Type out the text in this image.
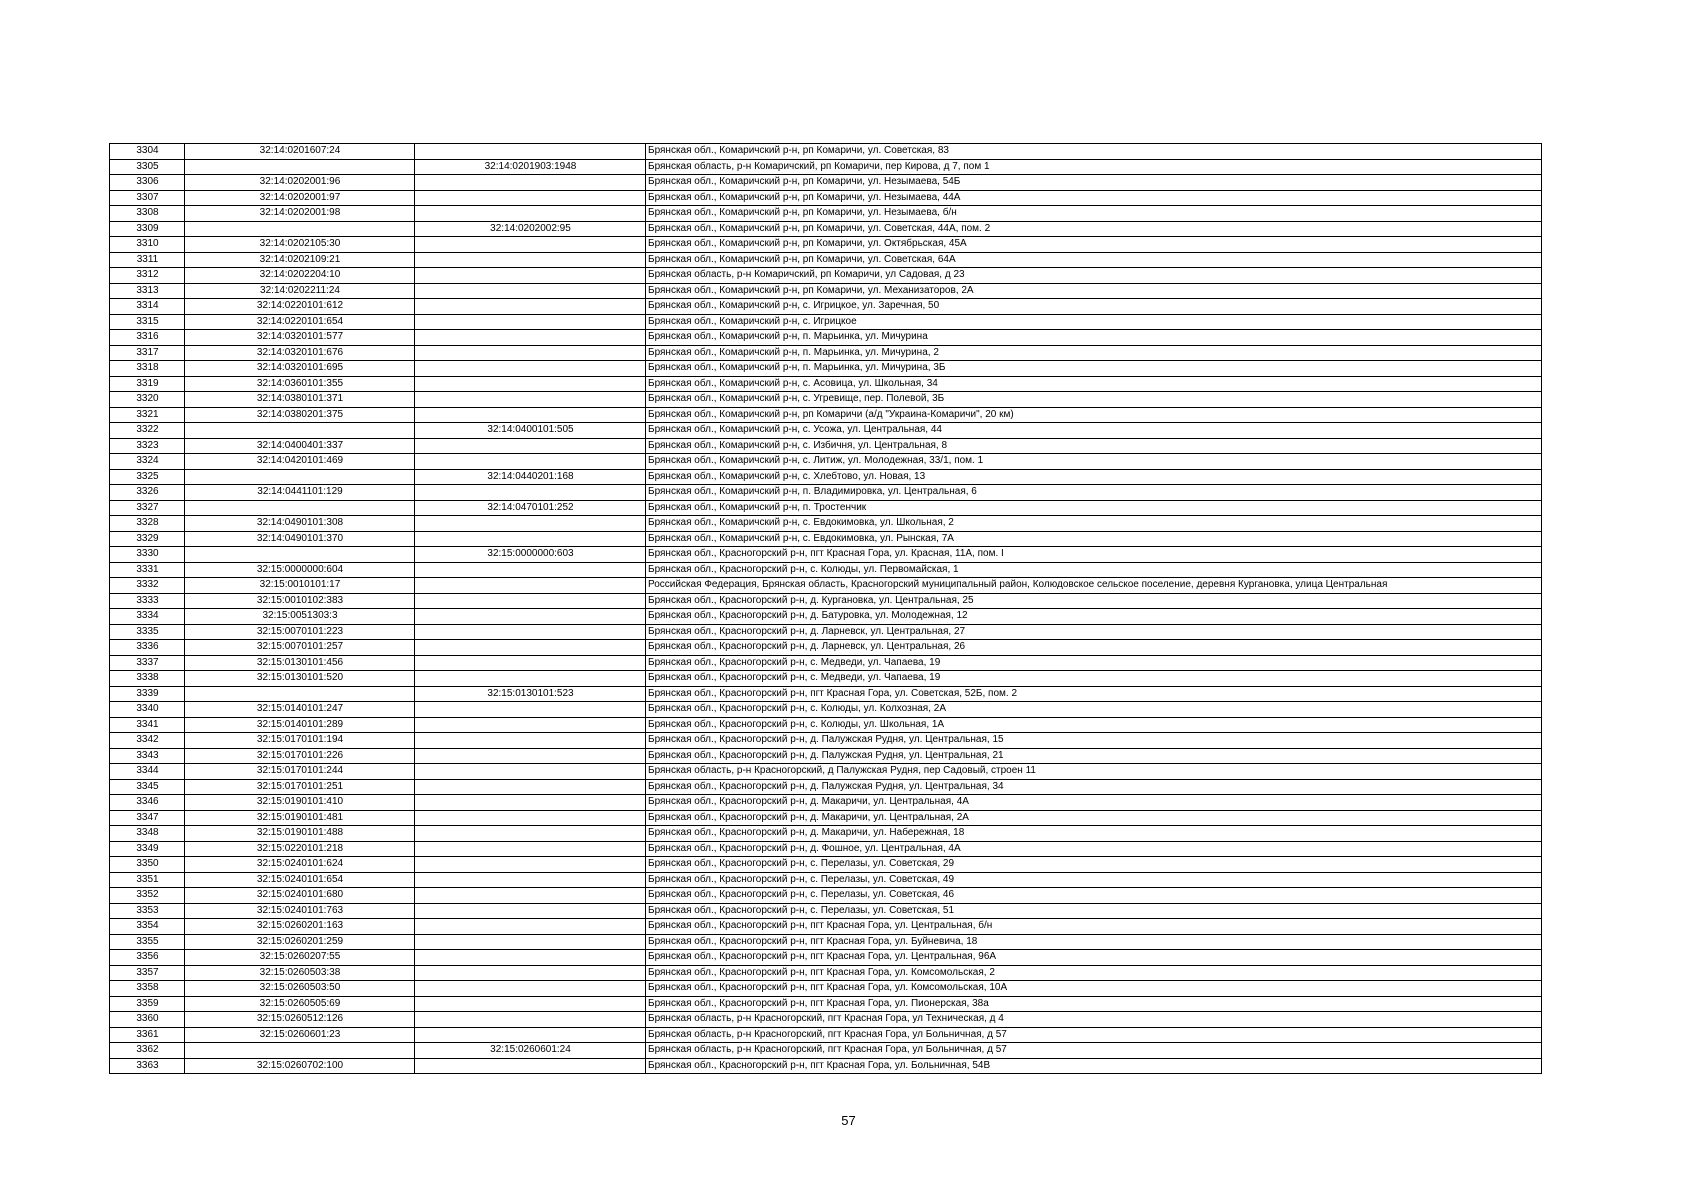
3304	32:14:0201607:24		Брянская обл., Комаричский р-н, рп Комаричи, ул. Советская, 83
3305		32:14:0201903:1948	Брянская область, р-н Комаричский, рп Комаричи, пер Кирова, д 7, пом 1
3306	32:14:0202001:96		Брянская обл., Комаричский р-н, рп Комаричи, ул. Незымаева, 54Б
3307	32:14:0202001:97		Брянская обл., Комаричский р-н, рп Комаричи, ул. Незымаева, 44А
3308	32:14:0202001:98		Брянская обл., Комаричский р-н, рп Комаричи, ул. Незымаева, б/н
3309		32:14:0202002:95	Брянская обл., Комаричский р-н, рп Комаричи, ул. Советская, 44А, пом. 2
3310	32:14:0202105:30		Брянская обл., Комаричский р-н, рп Комаричи, ул. Октябрьская, 45А
3311	32:14:0202109:21		Брянская обл., Комаричский р-н, рп Комаричи, ул. Советская, 64А
3312	32:14:0202204:10		Брянская область, р-н Комаричский, рп Комаричи, ул Садовая, д 23
3313	32:14:0202211:24		Брянская обл., Комаричский р-н, рп Комаричи, ул. Механизаторов, 2А
3314	32:14:0220101:612		Брянская обл., Комаричский р-н, с. Игрицкое, ул. Заречная, 50
3315	32:14:0220101:654		Брянская обл., Комаричский р-н, с. Игрицкое
3316	32:14:0320101:577		Брянская обл., Комаричский р-н, п. Марьинка, ул. Мичурина
3317	32:14:0320101:676		Брянская обл., Комаричский р-н, п. Марьинка, ул. Мичурина, 2
3318	32:14:0320101:695		Брянская обл., Комаричский р-н, п. Марьинка, ул. Мичурина, 3Б
3319	32:14:0360101:355		Брянская обл., Комаричский р-н, с. Асовица, ул. Школьная, 34
3320	32:14:0380101:371		Брянская обл., Комаричский р-н, с. Угревище, пер. Полевой, 3Б
3321	32:14:0380201:375		Брянская обл., Комаричский р-н, рп Комаричи (а/д "Украина-Комаричи", 20 км)
3322		32:14:0400101:505	Брянская обл., Комаричский р-н, с. Усожа, ул. Центральная, 44
3323	32:14:0400401:337		Брянская обл., Комаричский р-н, с. Избичня, ул. Центральная, 8
3324	32:14:0420101:469		Брянская обл., Комаричский р-н, с. Литиж, ул. Молодежная, 33/1, пом. 1
3325		32:14:0440201:168	Брянская обл., Комаричский р-н, с. Хлебтово, ул. Новая, 13
3326	32:14:0441101:129		Брянская обл., Комаричский р-н, п. Владимировка, ул. Центральная, 6
3327		32:14:0470101:252	Брянская обл., Комаричский р-н, п. Тростенчик
3328	32:14:0490101:308		Брянская обл., Комаричский р-н, с. Евдокимовка, ул. Школьная, 2
3329	32:14:0490101:370		Брянская обл., Комаричский р-н, с. Евдокимовка, ул. Рынская, 7А
3330		32:15:0000000:603	Брянская обл., Красногорский р-н, пгт Красная Гора, ул. Красная, 11А, пом. I
3331	32:15:0000000:604		Брянская обл., Красногорский р-н, с. Колюды, ул. Первомайская, 1
3332	32:15:0010101:17		Российская Федерация, Брянская область, Красногорский муниципальный район, Колюдовское сельское поселение, деревня Кургановка, улица Центральная
3333	32:15:0010102:383		Брянская обл., Красногорский р-н, д. Кургановка, ул. Центральная, 25
3334	32:15:0051303:3		Брянская обл., Красногорский р-н, д. Батуровка, ул. Молодежная, 12
3335	32:15:0070101:223		Брянская обл., Красногорский р-н, д. Ларневск, ул. Центральная, 27
3336	32:15:0070101:257		Брянская обл., Красногорский р-н, д. Ларневск, ул. Центральная, 26
3337	32:15:0130101:456		Брянская обл., Красногорский р-н, с. Медведи, ул. Чапаева, 19
3338	32:15:0130101:520		Брянская обл., Красногорский р-н, с. Медведи, ул. Чапаева, 19
3339		32:15:0130101:523	Брянская обл., Красногорский р-н, пгт Красная Гора, ул. Советская, 52Б, пом. 2
3340	32:15:0140101:247		Брянская обл., Красногорский р-н, с. Колюды, ул. Колхозная, 2А
3341	32:15:0140101:289		Брянская обл., Красногорский р-н, с. Колюды, ул. Школьная, 1А
3342	32:15:0170101:194		Брянская обл., Красногорский р-н, д. Палужская Рудня, ул. Центральная, 15
3343	32:15:0170101:226		Брянская обл., Красногорский р-н, д. Палужская Рудня, ул. Центральная, 21
3344	32:15:0170101:244		Брянская область, р-н Красногорский, д Палужская Рудня, пер Садовый, строен 11
3345	32:15:0170101:251		Брянская обл., Красногорский р-н, д. Палужская Рудня, ул. Центральная, 34
3346	32:15:0190101:410		Брянская обл., Красногорский р-н, д. Макаричи, ул. Центральная, 4А
3347	32:15:0190101:481		Брянская обл., Красногорский р-н, д. Макаричи, ул. Центральная, 2А
3348	32:15:0190101:488		Брянская обл., Красногорский р-н, д. Макаричи, ул. Набережная, 18
3349	32:15:0220101:218		Брянская обл., Красногорский р-н, д. Фошное, ул. Центральная, 4А
3350	32:15:0240101:624		Брянская обл., Красногорский р-н, с. Перелазы, ул. Советская, 29
3351	32:15:0240101:654		Брянская обл., Красногорский р-н, с. Перелазы, ул. Советская, 49
3352	32:15:0240101:680		Брянская обл., Красногорский р-н, с. Перелазы, ул. Советская, 46
3353	32:15:0240101:763		Брянская обл., Красногорский р-н, с. Перелазы, ул. Советская, 51
3354	32:15:0260201:163		Брянская обл., Красногорский р-н, пгт Красная Гора, ул. Центральная, б/н
3355	32:15:0260201:259		Брянская обл., Красногорский р-н, пгт Красная Гора, ул. Буйневича, 18
3356	32:15:0260207:55		Брянская обл., Красногорский р-н, пгт Красная Гора, ул. Центральная, 96А
3357	32:15:0260503:38		Брянская обл., Красногорский р-н, пгт Красная Гора, ул. Комсомольская, 2
3358	32:15:0260503:50		Брянская обл., Красногорский р-н, пгт Красная Гора, ул. Комсомольская, 10А
3359	32:15:0260505:69		Брянская обл., Красногорский р-н, пгт Красная Гора, ул. Пионерская, 38а
3360	32:15:0260512:126		Брянская область, р-н Красногорский, пгт Красная Гора, ул Техническая, д 4
3361	32:15:0260601:23		Брянская область, р-н Красногорский, пгт Красная Гора, ул Больничная, д 57
3362		32:15:0260601:24	Брянская область, р-н Красногорский, пгт Красная Гора, ул Больничная, д 57
3363	32:15:0260702:100		Брянская обл., Красногорский р-н, пгт Красная Гора, ул. Больничная, 54В
57
